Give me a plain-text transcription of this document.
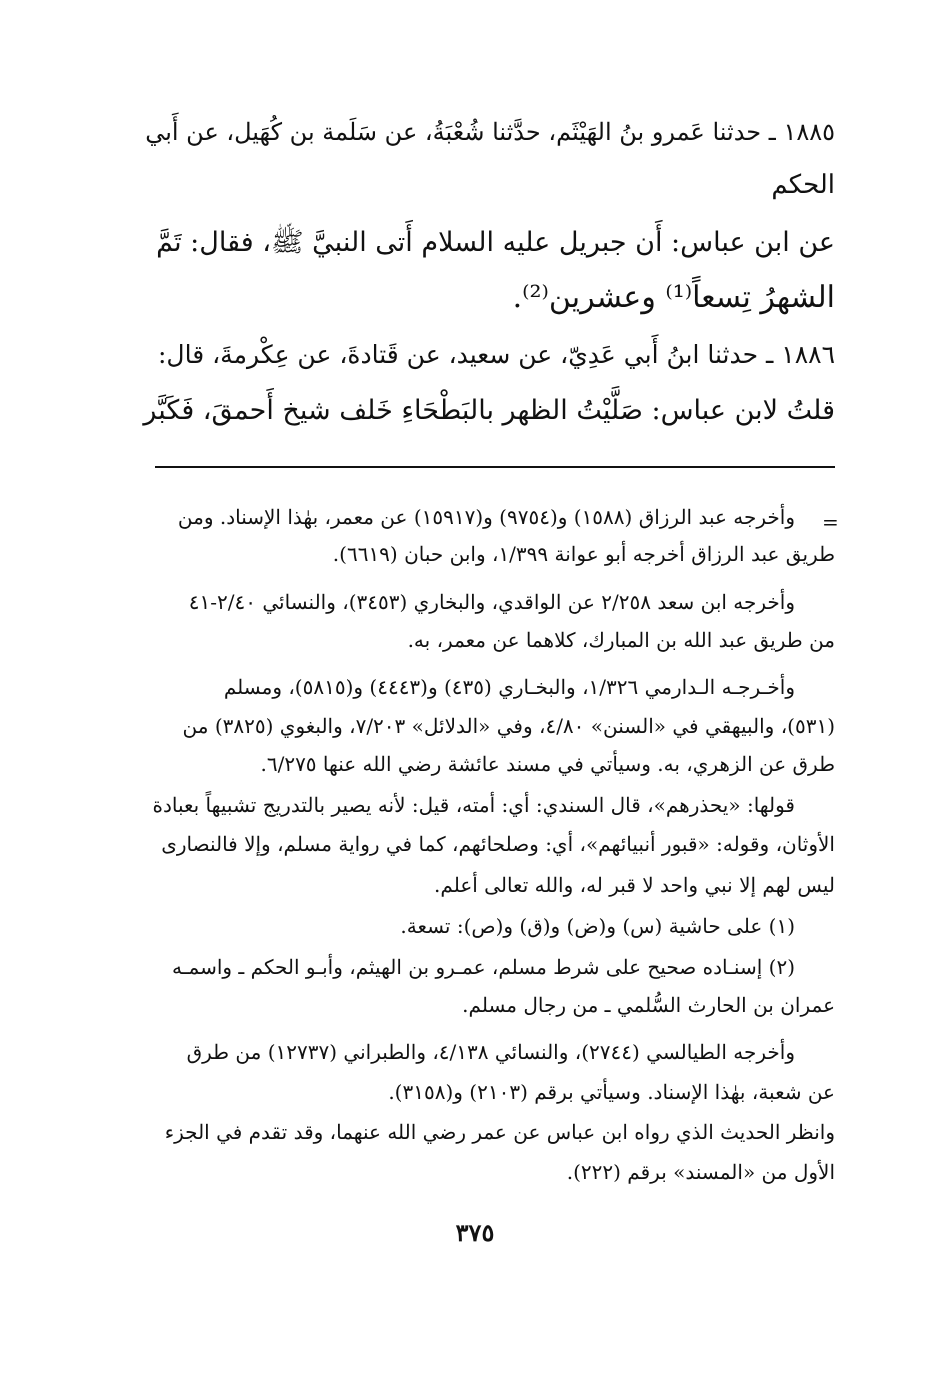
١٨٨٥ ـ حدثنا عَمرو بنُ الهَيْثَم، حدَّثنا شُعْبَةُ، عن سَلَمة بن كُهَيل، عن أَبي
الحكم
عن ابن عباس: أَن جبريل عليه السلام أَتى النبيَّ ﷺ، فقال: تَمَّ
الشهرُ تِسعاً⁽¹⁾ وعشرين⁽²⁾.
١٨٨٦ ـ حدثنا ابنُ أَبي عَدِيّ، عن سعيد، عن قَتادةَ، عن عِكْرمةَ، قال:
قلتُ لابن عباس: صَلَّيْتُ الظهر بالبَطْحَاءِ خَلف شيخ أَحمقَ، فَكَبَّر
=
وأخرجه عبد الرزاق (١٥٨٨) و(٩٧٥٤) و(١٥٩١٧) عن معمر، بهٰذا الإسناد. ومن
طريق عبد الرزاق أخرجه أبو عوانة ١/٣٩٩، وابن حبان (٦٦١٩).
وأخرجه ابن سعد ٢/٢٥٨ عن الواقدي، والبخاري (٣٤٥٣)، والنسائي ٢/٤٠-٤١
من طريق عبد الله بن المبارك، كلاهما عن معمر، به.
وأخـرجـه الـدارمي ١/٣٢٦، والبخـاري (٤٣٥) و(٤٤٤٣) و(٥٨١٥)، ومسلم
(٥٣١)، والبيهقي في «السنن» ٤/٨٠، وفي «الدلائل» ٧/٢٠٣، والبغوي (٣٨٢٥) من
طرق عن الزهري، به. وسيأتي في مسند عائشة رضي الله عنها ٦/٢٧٥.
قولها: «يحذرهم»، قال السندي: أي: أمته، قيل: لأنه يصير بالتدريج تشبيهاً بعبادة
الأوثان، وقوله: «قبور أنبيائهم»، أي: وصلحائهم، كما في رواية مسلم، وإلا فالنصارى
ليس لهم إلا نبي واحد لا قبر له، والله تعالى أعلم.
(١) على حاشية (س) و(ض) و(ق) و(ص): تسعة.
(٢) إسنـاده صحيح على شرط مسلم، عمـرو بن الهيثم، وأبـو الحكم ـ واسمـه
عمران بن الحارث السُّلمي ـ من رجال مسلم.
وأخرجه الطيالسي (٢٧٤٤)، والنسائي ٤/١٣٨، والطبراني (١٢٧٣٧) من طرق
عن شعبة، بهٰذا الإسناد. وسيأتي برقم (٢١٠٣) و(٣١٥٨).
وانظر الحديث الذي رواه ابن عباس عن عمر رضي الله عنهما، وقد تقدم في الجزء
الأول من «المسند» برقم (٢٢٢).
٣٧٥
